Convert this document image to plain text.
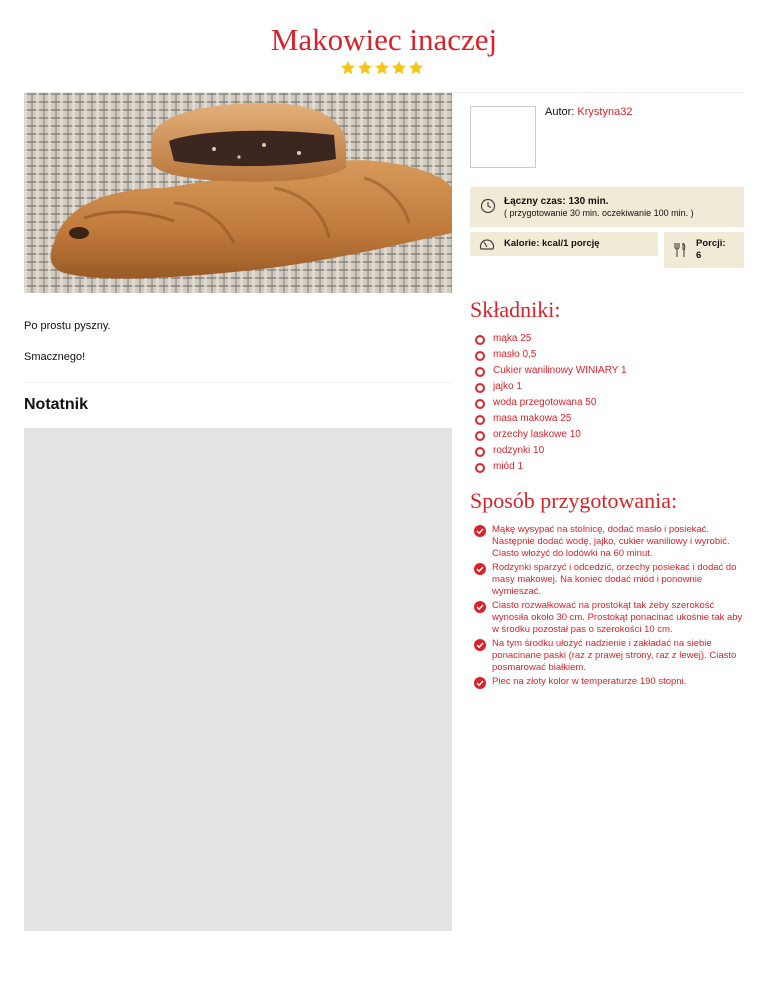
Makowiec inaczej

Po prostu pyszny.

Smacznego!

Notatnik
Autor: Krystyna32
Łączny czas: 130 min.
( przygotowanie 30 min. oczekiwanie 100 min. )
Kalorie: kcal/1 porcję	Porcji:
6
Składniki:
mąka 25
masło 0,5
Cukier wanilinowy WINIARY 1
jajko 1
woda przegotowana 50
masa makowa 25
orzechy laskowe 10
rodzynki 10
miód 1
Sposób przygotowania:
Mąkę wysypać na stolnicę, dodać masło i posiekać. Następnie dodać wodę, jajko, cukier waniliowy i wyrobić. Ciasto włożyć do lodówki na 60 minut.
Rodzynki sparzyć i odcedzić, orzechy posiekać i dodać do masy makowej. Na koniec dodać miód i ponownie wymieszać.
Ciasto rozwałkować na prostokąt tak żeby szerokość wynosiła około 30 cm. Prostokąt ponacinać ukośnie tak aby w środku pozostał pas o szerokości 10 cm.
Na tym środku ułożyć nadzienie i zakładać na siebie ponacinane paski (raz z prawej strony, raz z lewej). Ciasto posmarować białkiem.
Piec na złoty kolor w temperaturze 190 stopni.
